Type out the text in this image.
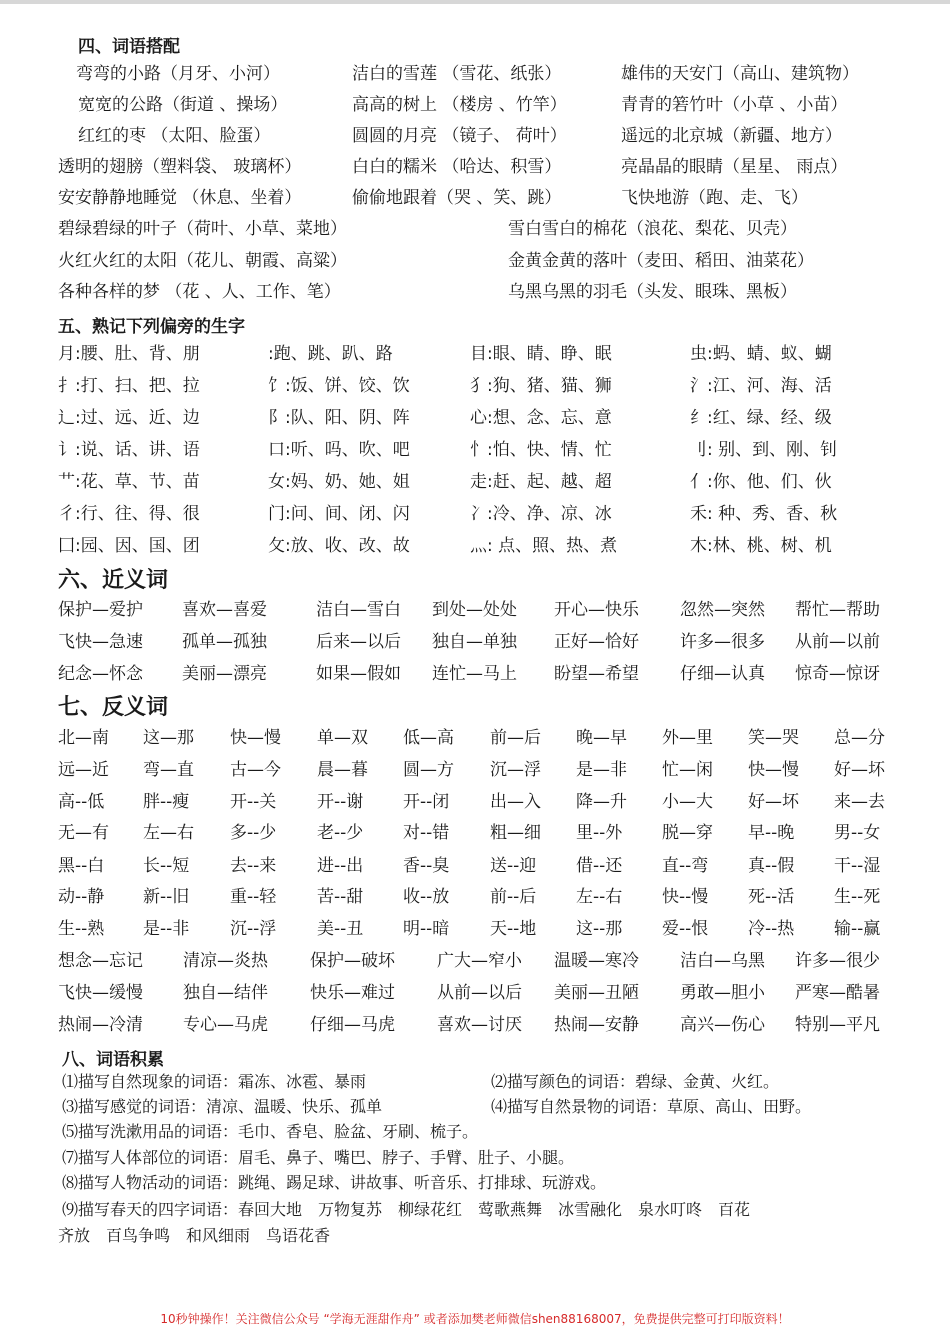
四、词语搭配
弯弯的小路（月牙、小河）	洁白的雪莲 （雪花、纸张）	雄伟的天安门（高山、建筑物）
宽宽的公路（街道 、操场）	高高的树上 （楼房 、竹竿）	青青的箬竹叶（小草 、小苗）
红红的枣 （太阳、脸蛋）	圆圆的月亮 （镜子、 荷叶）	遥远的北京城（新疆、地方）
透明的翅膀（塑料袋、 玻璃杯）	白白的糯米 （哈达、积雪）	亮晶晶的眼睛（星星、 雨点）
安安静静地睡觉 （休息、坐着）	偷偷地跟着（哭 、笑、跳）	飞快地游（跑、走、飞）
碧绿碧绿的叶子（荷叶、小草、菜地）	雪白雪白的棉花（浪花、梨花、贝壳）
火红火红的太阳（花儿、朝霞、高粱）	金黄金黄的落叶（麦田、稻田、油菜花）
各种各样的梦 （花 、人、工作、笔）	乌黑乌黑的羽毛（头发、眼珠、黑板）
五、熟记下列偏旁的生字
月:腰、肚、背、朋	:跑、跳、趴、路	目:眼、睛、睁、眠	虫:蚂、蜻、蚁、蝴
扌:打、扫、把、拉	饣:饭、饼、饺、饮	犭:狗、猪、猫、狮	氵:江、河、海、活
辶:过、远、近、边	阝:队、阳、阴、阵	心:想、念、忘、意	纟:红、绿、经、级
讠:说、话、讲、语	口:听、吗、吹、吧	忄:怕、快、情、忙	刂: 别、到、刚、钊
艹:花、草、节、苗	女:妈、奶、她、姐	走:赶、起、越、超	亻:你、他、们、伙
彳:行、往、得、很	门:问、间、闭、闪	冫:冷、净、凉、冰	禾: 种、秀、香、秋
囗:园、因、国、团	攵:放、收、改、故	灬: 点、照、热、煮	木:林、桃、树、机
六、近义词
保护—爱护 喜欢—喜爱	洁白—雪白 到处—处处 开心—快乐 忽然—突然 帮忙—帮助
飞快—急速 孤单—孤独	后来—以后 独自—单独 正好—恰好 许多—很多 从前—以前
纪念—怀念 美丽—漂亮	如果—假如 连忙—马上 盼望—希望 仔细—认真 惊奇—惊讶
七、反义词
北—南 这—那 快—慢 单—双 低—高 前—后 晚—早 外—里 笑—哭 总—分
远—近 弯—直 古—今 晨—暮 圆—方 沉—浮 是—非 忙—闲 快—慢 好—坏
高--低 胖--瘦 开--关 开--谢 开--闭 出—入 降—升 小—大 好—坏 来—去
无—有 左—右 多--少 老--少 对--错 粗—细 里--外 脱—穿 早--晚 男--女
黑--白 长--短 去--来 进--出 香--臭 送--迎 借--还 直--弯 真--假 干--湿
动--静 新--旧 重--轻 苦--甜 收--放 前--后 左--右 快--慢 死--活 生--死
生--熟 是--非 沉--浮 美--丑 明--暗 天--地 这--那 爱--恨 冷--热 输--赢
想念—忘记 清凉—炎热 保护—破坏 广大—窄小 温暖—寒冷 洁白—乌黑 许多—很少
飞快—缓慢 独自—结伴 快乐—难过 从前—以后 美丽—丑陋 勇敢—胆小 严寒—酷暑
热闹—冷清 专心—马虎 仔细—马虎 喜欢—讨厌 热闹—安静 高兴—伤心 特别—平凡
八、词语积累
⑴描写自然现象的词语：霜冻、冰雹、暴雨	⑵描写颜色的词语：碧绿、金黄、火红。
⑶描写感觉的词语：清凉、温暖、快乐、孤单	⑷描写自然景物的词语：草原、高山、田野。
⑸描写洗漱用品的词语：毛巾、香皂、脸盆、牙刷、梳子。
⑺描写人体部位的词语：眉毛、鼻子、嘴巴、脖子、手臂、肚子、小腿。
⑻描写人物活动的词语：跳绳、踢足球、讲故事、听音乐、打排球、玩游戏。
⑼描写春天的四字词语：春回大地　万物复苏　柳绿花红　莺歌燕舞　冰雪融化　泉水叮咚　百花
齐放　百鸟争鸣　和风细雨　鸟语花香
10秒钟操作！关注微信公众号 “学海无涯甜作舟” 或者添加樊老师微信shen88168007，免费提供完整可打印版资料！
